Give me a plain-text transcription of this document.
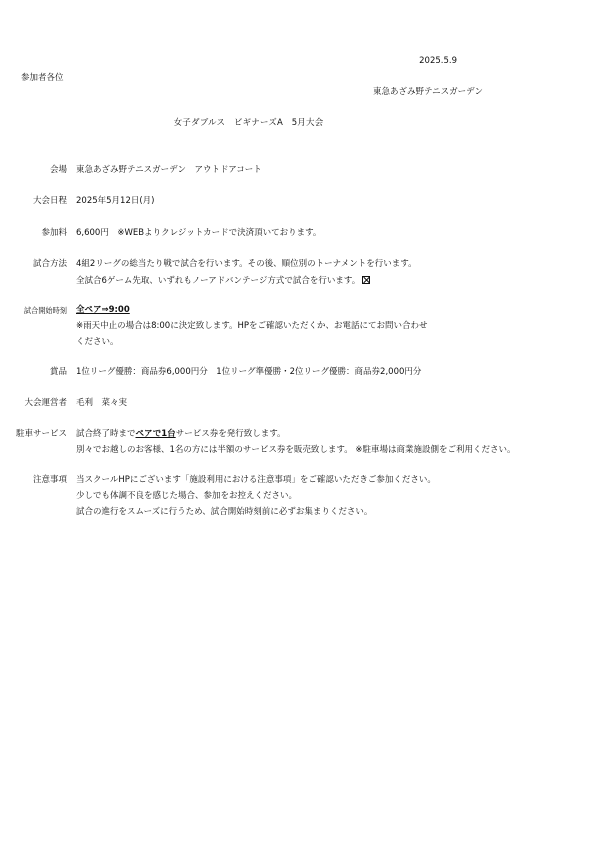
2025.5.9
参加者各位
東急あざみ野テニスガーデン
女子ダブルス　ビギナーズA　5月大会
会場 東急あざみ野テニスガーデン　アウトドアコート
大会日程 2025年5月12日(月)
参加料 6,600円　※WEBよりクレジットカードで決済頂いております。
試合方法 4組2リーグの総当たり戦で試合を行います。その後、順位別のトーナメントを行います。
全試合6ゲーム先取、いずれもノーアドバンテージ方式で試合を行います。
試合開始時刻 全ペア⇒9:00
※雨天中止の場合は8:00に決定致します。HPをご確認いただくか、お電話にてお問い合わせ
ください。
賞品 1位リーグ優勝：商品券6,000円分　1位リーグ準優勝・2位リーグ優勝：商品券2,000円分
大会運営者 毛利　菜々実
駐車サービス 試合終了時までペアで1台サービス券を発行致します。
別々でお越しのお客様、1名の方には半額のサービス券を販売致します。 ※駐車場は商業施設側をご利用ください。
注意事項 当スクールHPにございます「施設利用における注意事項」をご確認いただきご参加ください。
少しでも体調不良を感じた場合、参加をお控えください。
試合の進行をスムーズに行うため、試合開始時刻前に必ずお集まりください。
